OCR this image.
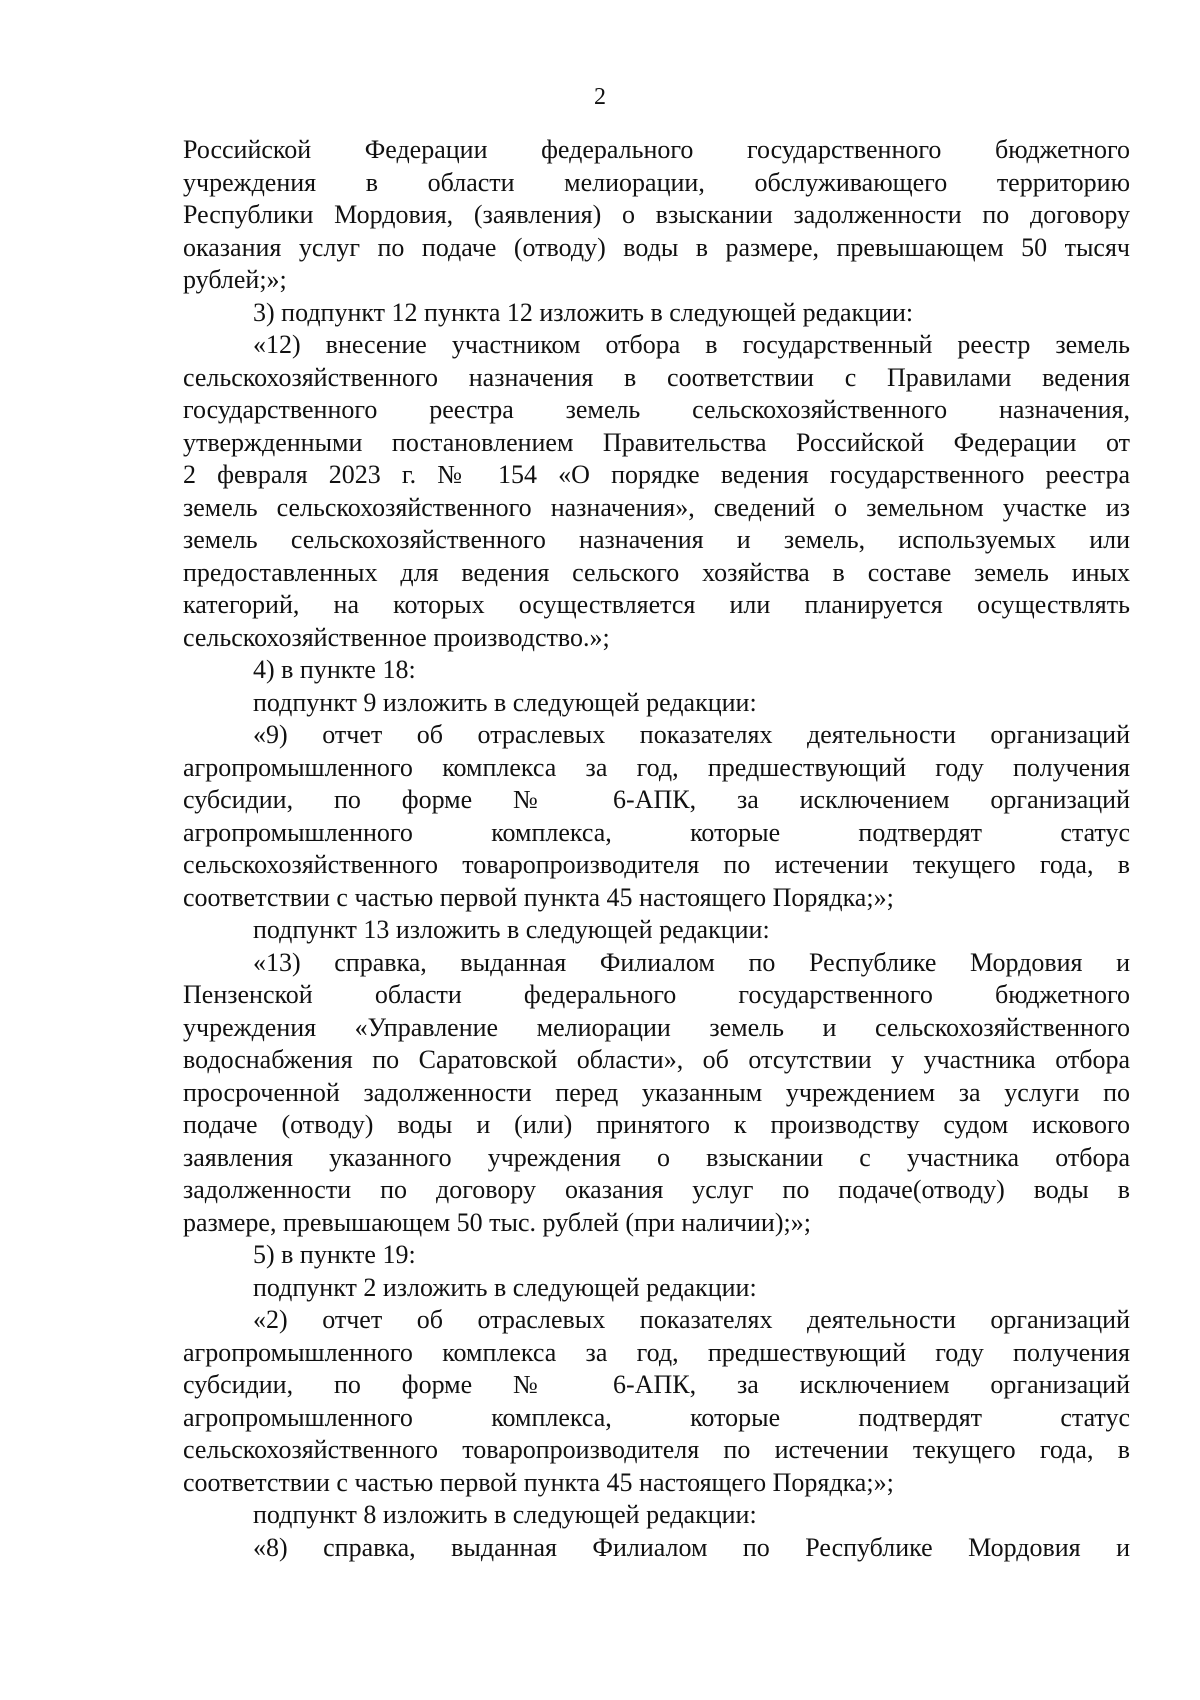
2
Российской Федерации федерального государственного бюджетного
учреждения в области мелиорации, обслуживающего территорию
Республики Мордовия, (заявления) о взыскании задолженности по договору
оказания услуг по подаче (отводу) воды в размере, превышающем 50 тысяч
рублей;»;
3) подпункт 12 пункта 12 изложить в следующей редакции:
«12) внесение участником отбора в государственный реестр земель
сельскохозяйственного назначения в соответствии с Правилами ведения
государственного реестра земель сельскохозяйственного назначения,
утвержденными постановлением Правительства Российской Федерации от
2 февраля 2023 г. № 154 «О порядке ведения государственного реестра
земель сельскохозяйственного назначения», сведений о земельном участке из
земель сельскохозяйственного назначения и земель, используемых или
предоставленных для ведения сельского хозяйства в составе земель иных
категорий, на которых осуществляется или планируется осуществлять
сельскохозяйственное производство.»;
4) в пункте 18:
подпункт 9 изложить в следующей редакции:
«9) отчет об отраслевых показателях деятельности организаций
агропромышленного комплекса за год, предшествующий году получения
субсидии, по форме № 6-АПК, за исключением организаций
агропромышленного комплекса, которые подтвердят статус
сельскохозяйственного товаропроизводителя по истечении текущего года, в
соответствии с частью первой пункта 45 настоящего Порядка;»;
подпункт 13 изложить в следующей редакции:
«13) справка, выданная Филиалом по Республике Мордовия и
Пензенской области федерального государственного бюджетного
учреждения «Управление мелиорации земель и сельскохозяйственного
водоснабжения по Саратовской области», об отсутствии у участника отбора
просроченной задолженности перед указанным учреждением за услуги по
подаче (отводу) воды и (или) принятого к производству судом искового
заявления указанного учреждения о взыскании с участника отбора
задолженности по договору оказания услуг по подаче(отводу) воды в
размере, превышающем 50 тыс. рублей (при наличии);»;
5) в пункте 19:
подпункт 2 изложить в следующей редакции:
«2) отчет об отраслевых показателях деятельности организаций
агропромышленного комплекса за год, предшествующий году получения
субсидии, по форме № 6-АПК, за исключением организаций
агропромышленного комплекса, которые подтвердят статус
сельскохозяйственного товаропроизводителя по истечении текущего года, в
соответствии с частью первой пункта 45 настоящего Порядка;»;
подпункт 8 изложить в следующей редакции:
«8) справка, выданная Филиалом по Республике Мордовия и
